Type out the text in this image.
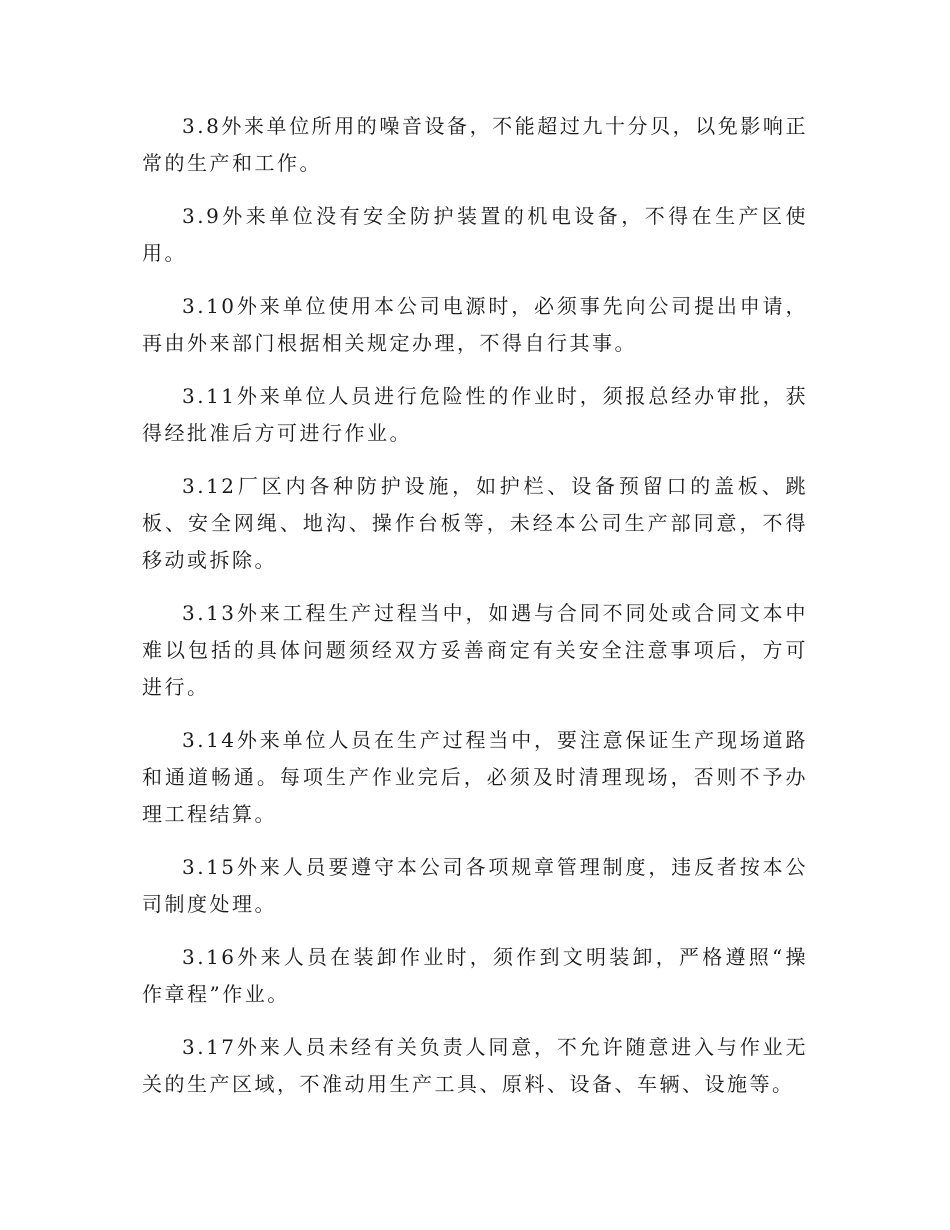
3.8外来单位所用的噪音设备，不能超过九十分贝，以免影响正常的生产和工作。

3.9外来单位没有安全防护装置的机电设备，不得在生产区使用。

3.10外来单位使用本公司电源时，必须事先向公司提出申请，再由外来部门根据相关规定办理，不得自行其事。

3.11外来单位人员进行危险性的作业时，须报总经办审批，获得经批准后方可进行作业。

3.12厂区内各种防护设施，如护栏、设备预留口的盖板、跳板、安全网绳、地沟、操作台板等，未经本公司生产部同意，不得移动或拆除。

3.13外来工程生产过程当中，如遇与合同不同处或合同文本中难以包括的具体问题须经双方妥善商定有关安全注意事项后，方可进行。

3.14外来单位人员在生产过程当中，要注意保证生产现场道路和通道畅通。每项生产作业完后，必须及时清理现场，否则不予办理工程结算。

3.15外来人员要遵守本公司各项规章管理制度，违反者按本公司制度处理。

3.16外来人员在装卸作业时，须作到文明装卸，严格遵照“操作章程”作业。

3.17外来人员未经有关负责人同意，不允许随意进入与作业无关的生产区域，不准动用生产工具、原料、设备、车辆、设施等。
